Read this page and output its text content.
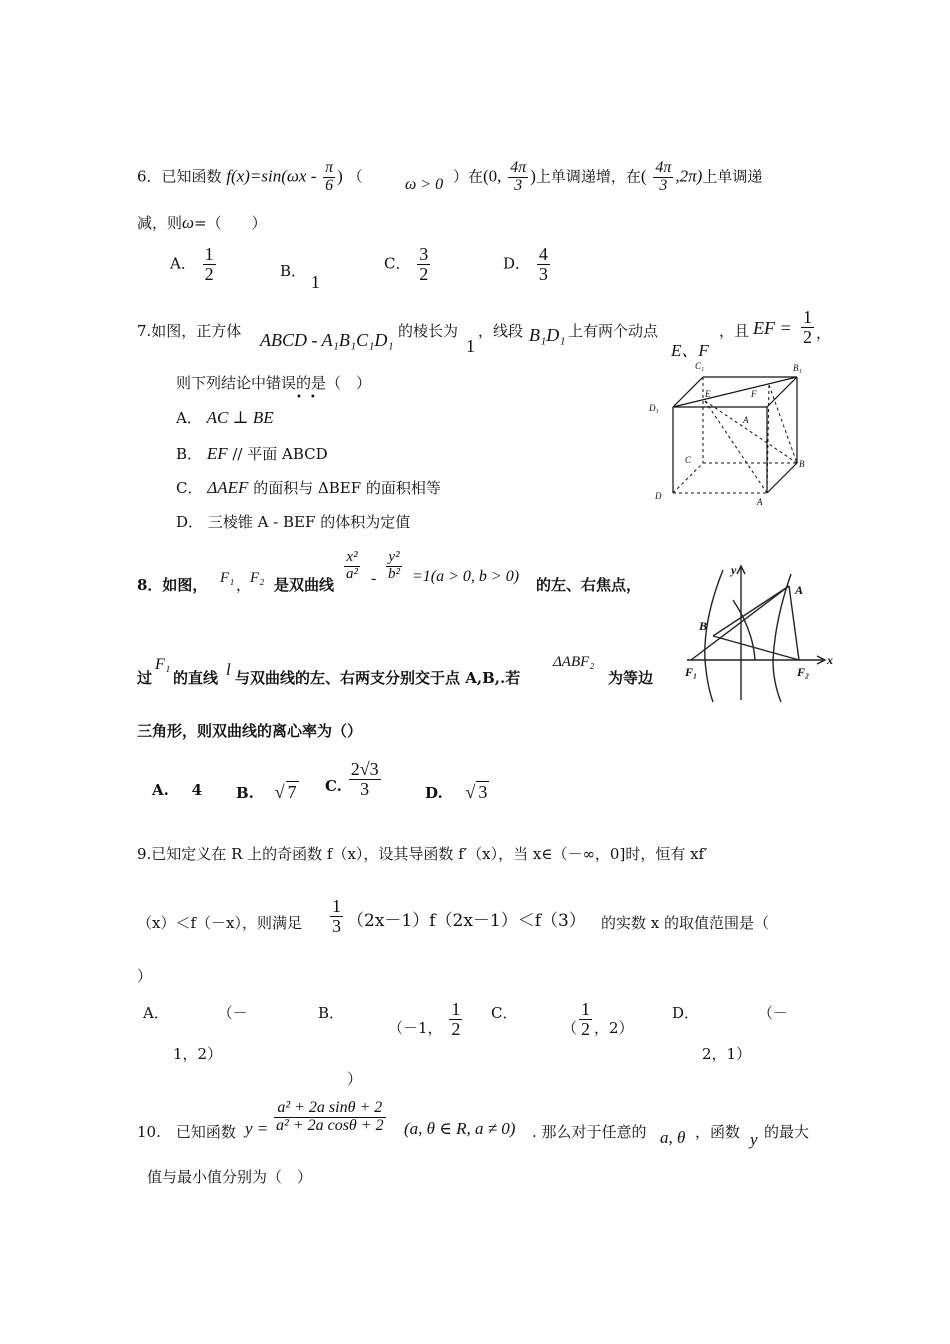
6．已知函数 $f(x)=\sin(\omega x - \frac{\pi}{6}$ ) （	ω > 0 ）在(0, $\frac{4\pi}{3}$ )上单调递增，在( $\frac{4\pi}{3} ,2\pi$)上单调递
减，则ω=（　　）
A． $\frac{1}{2}$	B． 1
C． $\frac{3}{2}$	D． $\frac{4}{3}$
7.如图，正方体 ABCD - A₁B₁C₁D₁ 的棱长为
1
，线段 B₁D₁ 上有两个动点
E、F
，且 EF = $\frac{1}{2}$ ，
则下列结论中错误的是（　）
••
A． AC ⊥ BE
B． EF // 平面 ABCD
C． ΔAEF 的面积与 ΔBEF 的面积相等
D． 三棱锥 A - BEF 的体积为定值
C₁	B₁
D₁
E	F
A
C	B
D
A
8．如图， F₁ ，
F₂ 是双曲线
$\frac{\text{x²}}{\text{a²}} - \frac{\text{y²}}{\text{b²}} =1(a > 0$, b > 0) 的左、右焦点，
过
F₁
的直线 l 与双曲线的左、右两支分别交于点 A,B,.若
ΔABF₂
为等边
三角形，则双曲线的离心率为（）
A. 4 B. √ 7 C. $\frac{2√3}{3}$	D. √ 3
y
x
A
B
F₁	F₂
9.已知定义在 R 上的奇函数 f（x），设其导函数 f′（x），当 x∈（－∞，0]时，恒有 xf′
（x）＜f（－x），则满足 $\frac{1}{3} (2x-1)f(2x-1)<f(3)$ 的实数 x 的取值范围是（
）
A．	（－
1，2）
B．
（－1， $\frac{1}{2}$
）
C．
（ $\frac{1}{2}$ ，2）
D．	（－
2，1）
10.　已知函数 $y = \frac{\text{a² + 2a sinθ + 2}}{\text{a² + 2a cosθ + 2}} (a$, θ ∈ R, a ≠ 0) . 那么对于任意的 a, θ ，函数 y 的最大
值与最小值分别为（　）
